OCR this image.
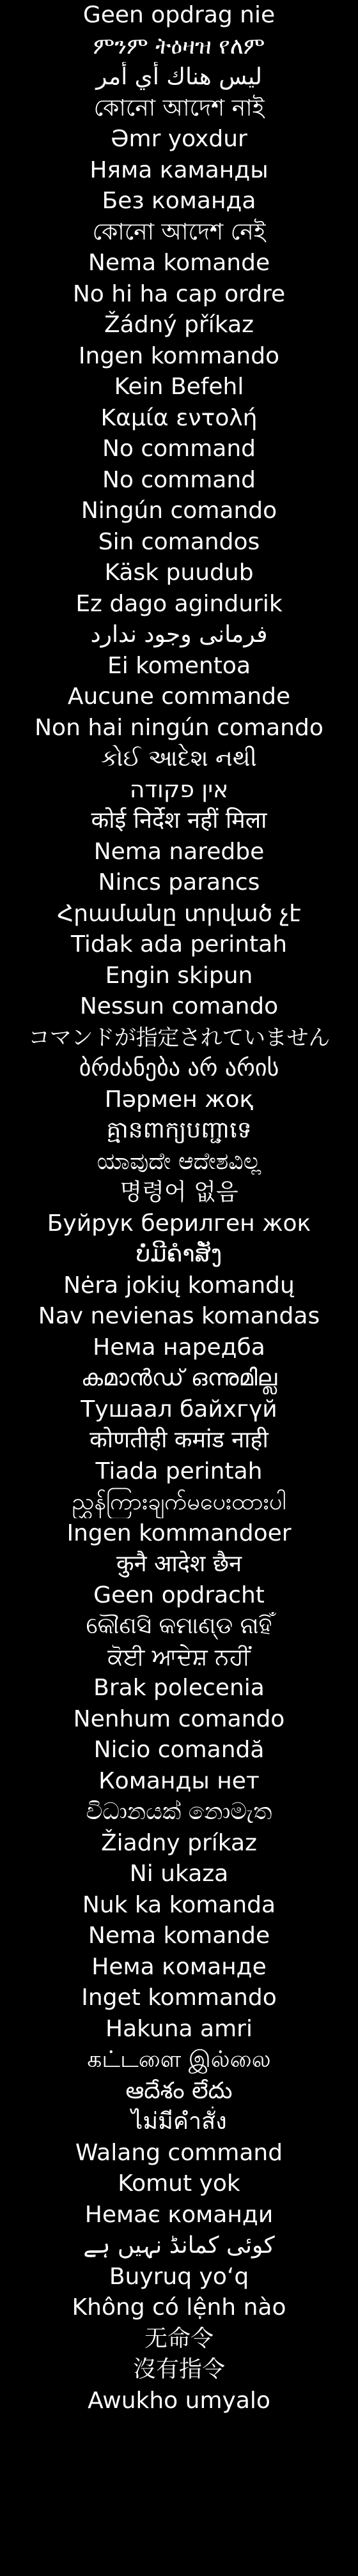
Geen opdrag nie
ምንም ትዕዛዝ የለም
ليس هناك أي أمر
কোনো আদেশ নাই
Əmr yoxdur
Няма каманды
Без команда
কোনো আদেশ নেই
Nema komande
No hi ha cap ordre
Žádný příkaz
Ingen kommando
Kein Befehl
Καμία εντολή
No command
No command
Ningún comando
Sin comandos
Käsk puudub
Ez dago agindurik
فرمانی وجود ندارد
Ei komentoa
Aucune commande
Non hai ningún comando
કોઈ આદેશ નથી
אין פקודה
कोई निर्देश नहीं मिला
Nema naredbe
Nincs parancs
Հրամանը տրված չէ
Tidak ada perintah
Engin skipun
Nessun comando
コマンドが指定されていません
ბრძანება არ არის
Пәрмен жоқ
គ្មានពាក្យបញ្ជាទេ
ಯಾವುದೇ ಆದೇಶವಿಲ್ಲ
명령어 없음
Буйрук берилген жок
ບໍ່ມີຄຳສັ່ງ
Nėra jokių komandų
Nav nevienas komandas
Нема наредба
കമാൻഡ് ഒന്നുമില്ല
Тушаал байхгүй
कोणतीही कमांड नाही
Tiada perintah
ညွှန်ကြားချက်မပေးထားပါ
Ingen kommandoer
कुनै आदेश छैन
Geen opdracht
କୌଣସି କମାଣ୍ଡ ନାହିଁ
ਕੋਈ ਆਦੇਸ਼ ਨਹੀਂ
Brak polecenia
Nenhum comando
Nicio comandă
Команды нет
විධානයක් නොමැත
Žiadny príkaz
Ni ukaza
Nuk ka komanda
Nema komande
Нема команде
Inget kommando
Hakuna amri
கட்டளை இல்லை
ఆదేశం లేదు
ไม่มีคำสั่ง
Walang command
Komut yok
Немає команди
کوئی کمانڈ نہیں ہے
Buyruq yo‘q
Không có lệnh nào
无命令
沒有指令
Awukho umyalo
